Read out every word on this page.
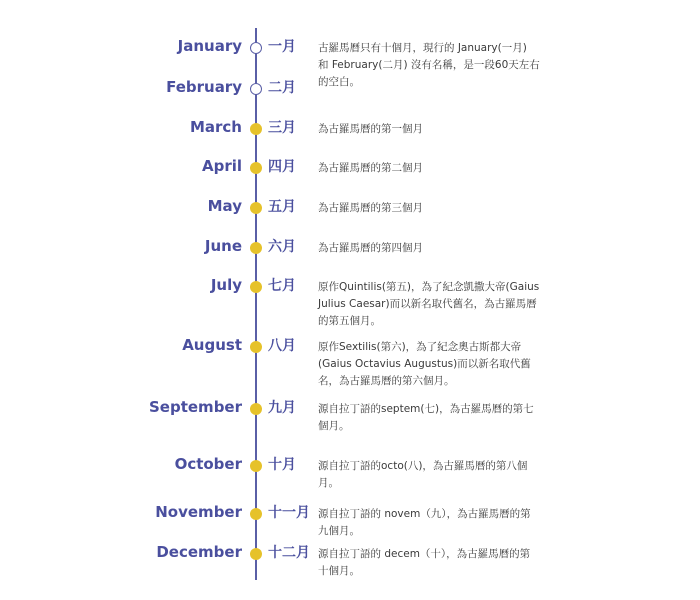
January 一月 古羅馬曆只有十個月，現行的 January(一月) 和 February(二月) 沒有名稱，是一段60天左右的空白。
February 二月
March 三月 為古羅馬曆的第一個月
April 四月 為古羅馬曆的第二個月
May 五月 為古羅馬曆的第三個月
June 六月 為古羅馬曆的第四個月
July 七月 原作Quintilis(第五)，為了紀念凱撒大帝(Gaius Julius Caesar)而以新名取代舊名，為古羅馬曆的第五個月。
August 八月 原作Sextilis(第六)，為了紀念奧古斯都大帝(Gaius Octavius Augustus)而以新名取代舊名，為古羅馬曆的第六個月。
September 九月 源自拉丁語的septem(七)，為古羅馬曆的第七個月。
October 十月 源自拉丁語的octo(八)，為古羅馬曆的第八個月。
November 十一月 源自拉丁語的 novem（九），為古羅馬曆的第九個月。
December 十二月 源自拉丁語的 decem（十），為古羅馬曆的第十個月。
